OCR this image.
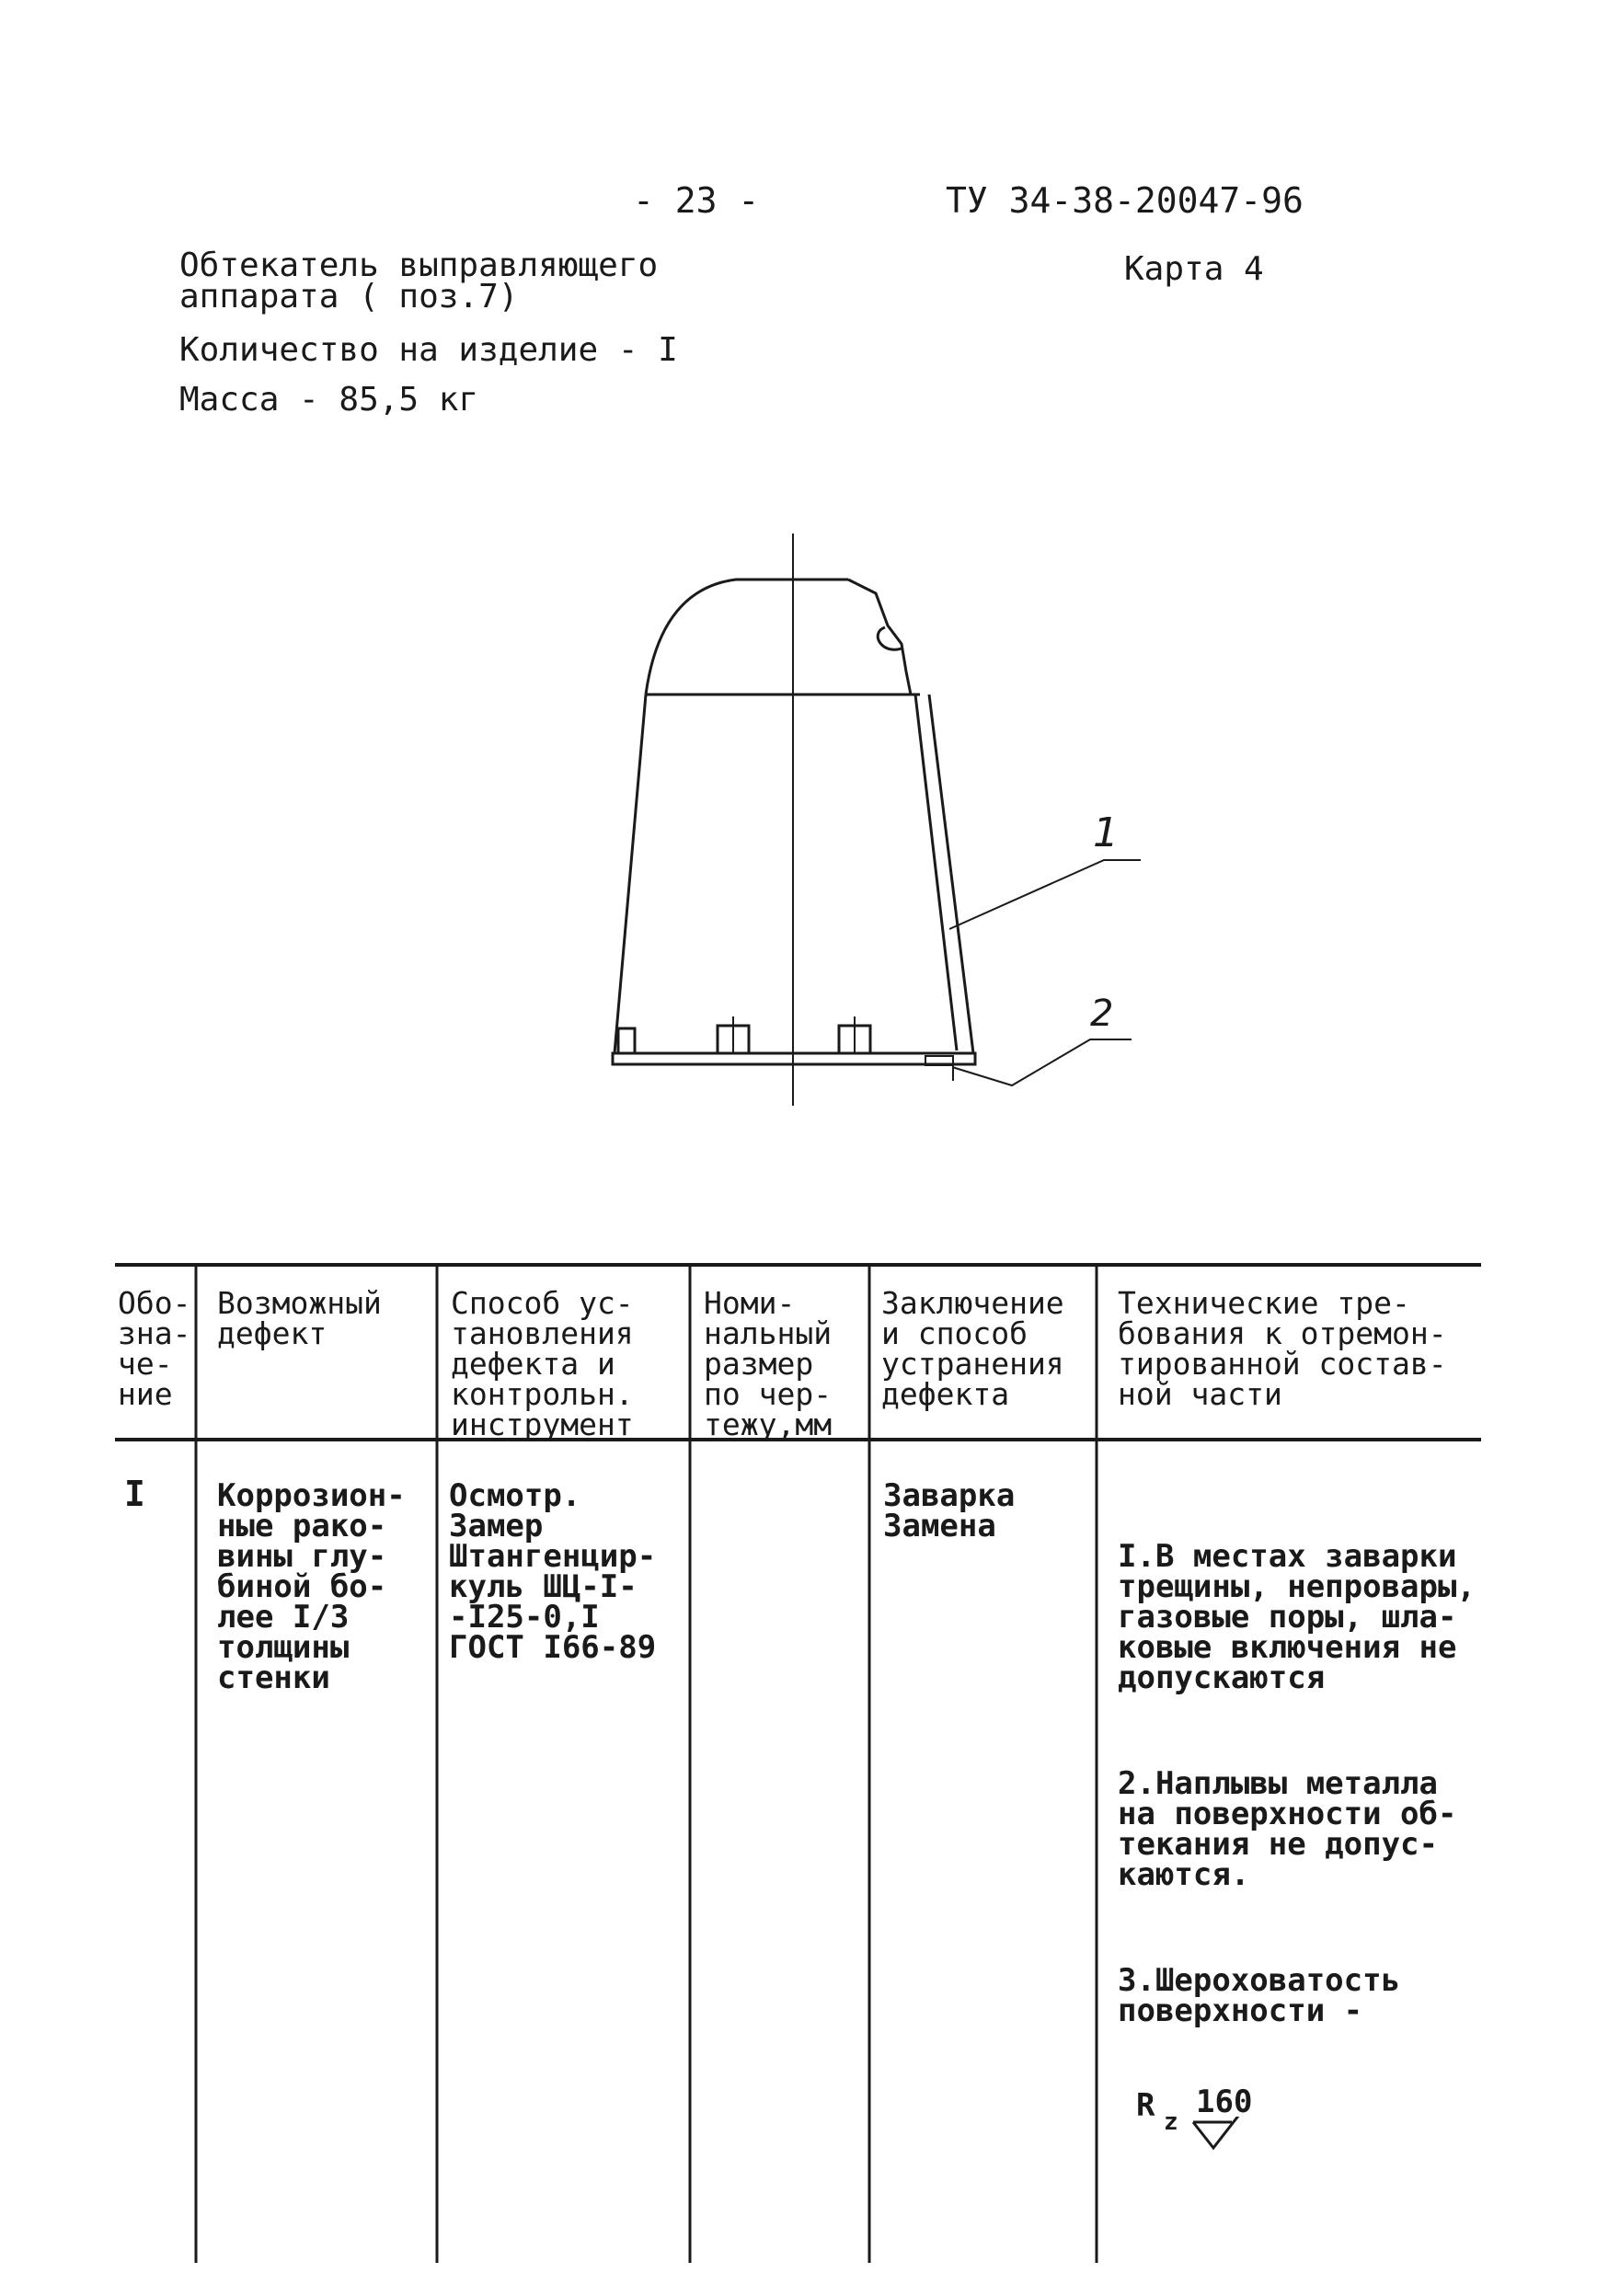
- 23 -	ТУ 34-38-20047-96
Обтекатель выправляющего
аппарата ( поз.7)
Карта 4
Количество на изделие - I
Масса - 85,5 кг
1
2
Обо-
зна-
че-
ние
Возможный
дефект
Способ ус-
тановления
дефекта и
контрольн.
инструмент
Номи-
нальный
размер
по чер-
тежу,мм
Заключение
и способ
устранения
дефекта
Технические тре-
бования к отремон-
тированной состав-
ной части
I Коррозион-
ные рако-
вины глу-
биной бо-
лее I/3
толщины
стенки
Осмотр.
Замер
Штангенцир-
куль ШЦ-I-
-I25-0,I
ГОСТ I66-89
Заварка
Замена

I.В местах заварки
трещины, непровары,
газовые поры, шла-
ковые включения не
допускаются

2.Наплывы металла
на поверхности об-
текания не допус-
каются.

3.Шероховатость
поверхности -

R

z

160
